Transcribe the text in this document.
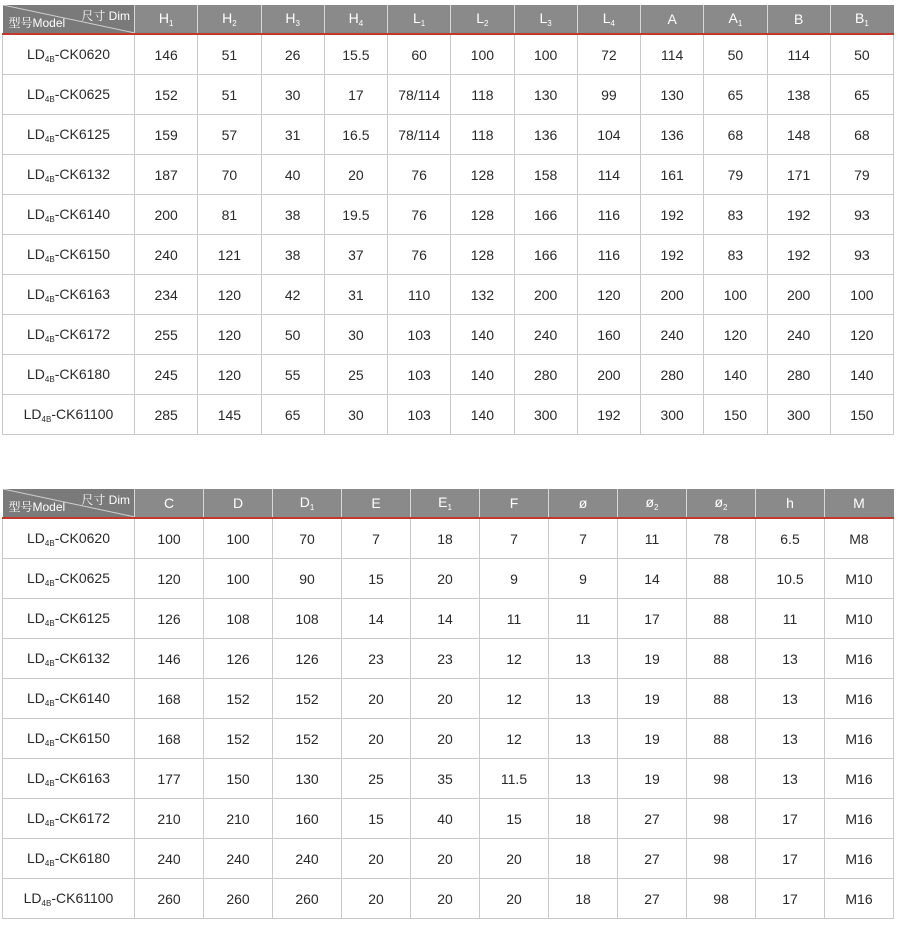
尺寸 Dim
型号Model	$H_1$	$H_2$	$H_3$	$H_4$	$L_1$	$L_2$	$L_3$	$L_4$	A	$A_1$	B	$B_1$
$LD_{4B}-CK0620$	146	51	26	15.5	60	100	100	72	114	50	114	50
$LD_{4B}-CK0625$	152	51	30	17	78/114	118	130	99	130	65	138	65
$LD_{4B}-CK6125$	159	57	31	16.5	78/114	118	136	104	136	68	148	68
$LD_{4B}-CK6132$	187	70	40	20	76	128	158	114	161	79	171	79
$LD_{4B}-CK6140$	200	81	38	19.5	76	128	166	116	192	83	192	93
$LD_{4B}-CK6150$	240	121	38	37	76	128	166	116	192	83	192	93
$LD_{4B}-CK6163$	234	120	42	31	110	132	200	120	200	100	200	100
$LD_{4B}-CK6172$	255	120	50	30	103	140	240	160	240	120	240	120
$LD_{4B}-CK6180$	245	120	55	25	103	140	280	200	280	140	280	140
$LD_{4B}-CK61100$	285	145	65	30	103	140	300	192	300	150	300	150
尺寸 Dim
型号Model	C	D	$D_1$	E	$E_1$	F	ø	$ø_2$	$ø_2$	h	M
$LD_{4B}-CK0620$	100	100	70	7	18	7	7	11	78	6.5	M8
$LD_{4B}-CK0625$	120	100	90	15	20	9	9	14	88	10.5	M10
$LD_{4B}-CK6125$	126	108	108	14	14	11	11	17	88	11	M10
$LD_{4B}-CK6132$	146	126	126	23	23	12	13	19	88	13	M16
$LD_{4B}-CK6140$	168	152	152	20	20	12	13	19	88	13	M16
$LD_{4B}-CK6150$	168	152	152	20	20	12	13	19	88	13	M16
$LD_{4B}-CK6163$	177	150	130	25	35	11.5	13	19	98	13	M16
$LD_{4B}-CK6172$	210	210	160	15	40	15	18	27	98	17	M16
$LD_{4B}-CK6180$	240	240	240	20	20	20	18	27	98	17	M16
$LD_{4B}-CK61100$	260	260	260	20	20	20	18	27	98	17	M16
